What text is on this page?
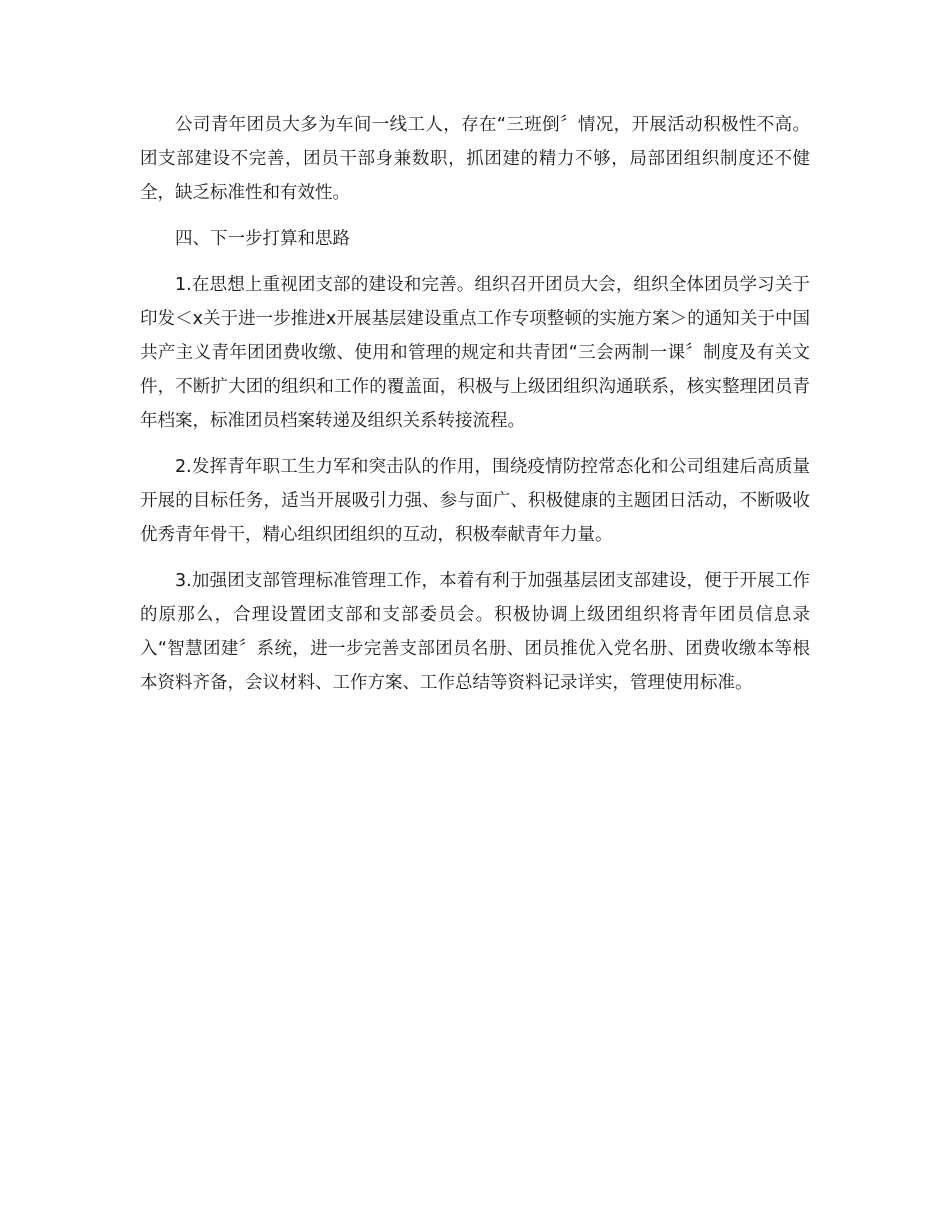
公司青年团员大多为车间一线工人，存在“三班倒〞情况，开展活动积极性不高。团支部建设不完善，团员干部身兼数职，抓团建的精力不够，局部团组织制度还不健全，缺乏标准性和有效性。

四、下一步打算和思路

1.在思想上重视团支部的建设和完善。组织召开团员大会，组织全体团员学习关于印发＜x关于进一步推进x开展基层建设重点工作专项整顿的实施方案＞的通知关于中国共产主义青年团团费收缴、使用和管理的规定和共青团“三会两制一课〞制度及有关文件，不断扩大团的组织和工作的覆盖面，积极与上级团组织沟通联系，核实整理团员青年档案，标准团员档案转递及组织关系转接流程。

2.发挥青年职工生力军和突击队的作用，围绕疫情防控常态化和公司组建后高质量开展的目标任务，适当开展吸引力强、参与面广、积极健康的主题团日活动，不断吸收优秀青年骨干，精心组织团组织的互动，积极奉献青年力量。

3.加强团支部管理标准管理工作，本着有利于加强基层团支部建设，便于开展工作的原那么，合理设置团支部和支部委员会。积极协调上级团组织将青年团员信息录入“智慧团建〞系统，进一步完善支部团员名册、团员推优入党名册、团费收缴本等根本资料齐备，会议材料、工作方案、工作总结等资料记录详实，管理使用标准。
